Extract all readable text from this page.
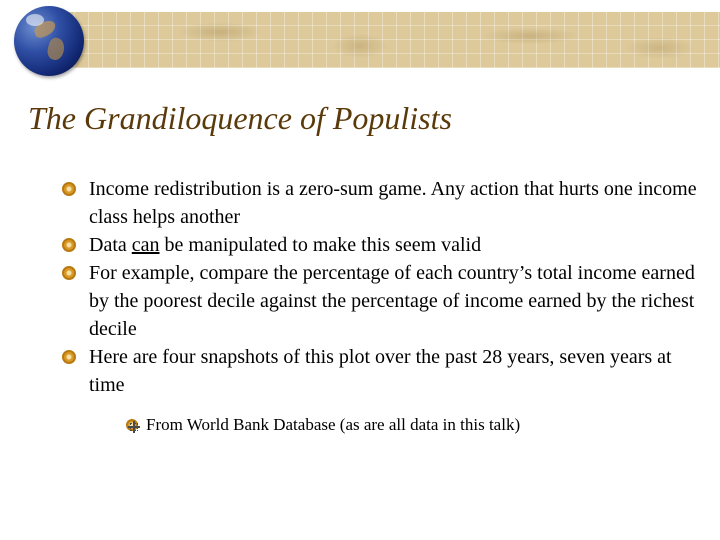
The Grandiloquence of Populists
Income redistribution is a zero-sum game. Any action that hurts one income class helps another
Data can be manipulated to make this seem valid
For example, compare the percentage of each country’s total income earned by the poorest decile against the percentage of income earned by the richest decile
Here are four snapshots of this plot over the past 28 years, seven years at time
From World Bank Database (as are all data in this talk)
